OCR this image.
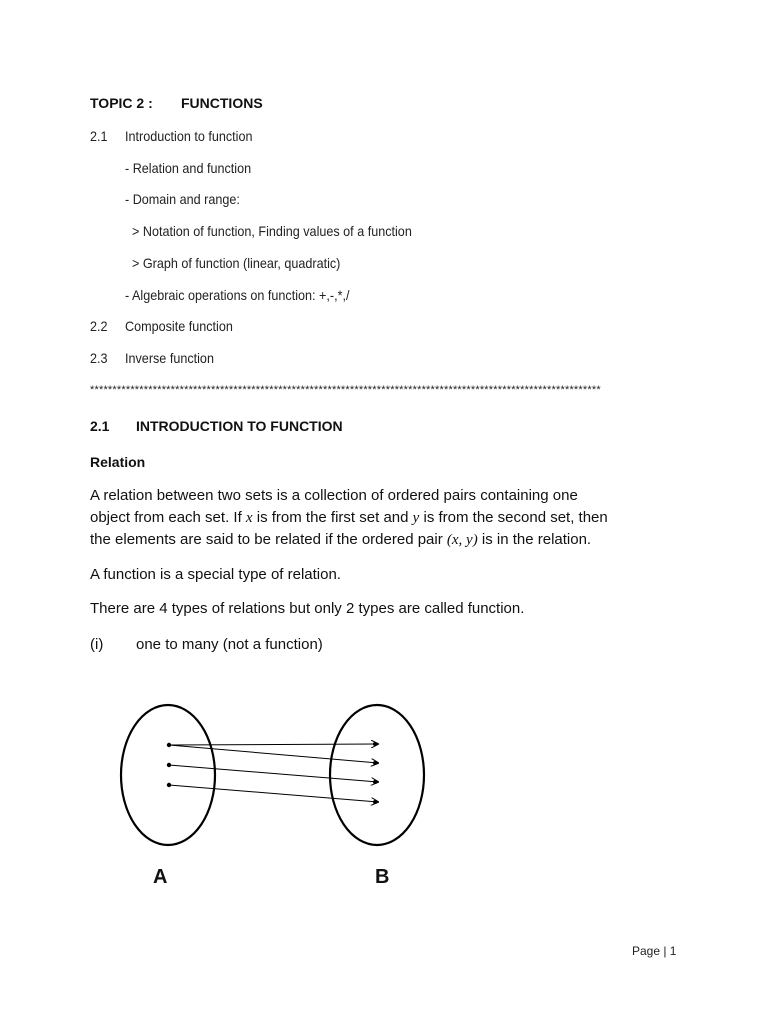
TOPIC 2 : FUNCTIONS
2.1 Introduction to function
- Relation and function
- Domain and range:
> Notation of function, Finding values of a function
> Graph of function (linear, quadratic)
- Algebraic operations on function: +,-,*,/
2.2 Composite function
2.3 Inverse function
******************************************************************************************************************
2.1 INTRODUCTION TO FUNCTION
Relation
A relation between two sets is a collection of ordered pairs containing one
object from each set. If x is from the first set and y is from the second set, then
the elements are said to be related if the ordered pair (x, y) is in the relation.
A function is a special type of relation.
There are 4 types of relations but only 2 types are called function.
(i) one to many (not a function)
A	B
Page | 1
